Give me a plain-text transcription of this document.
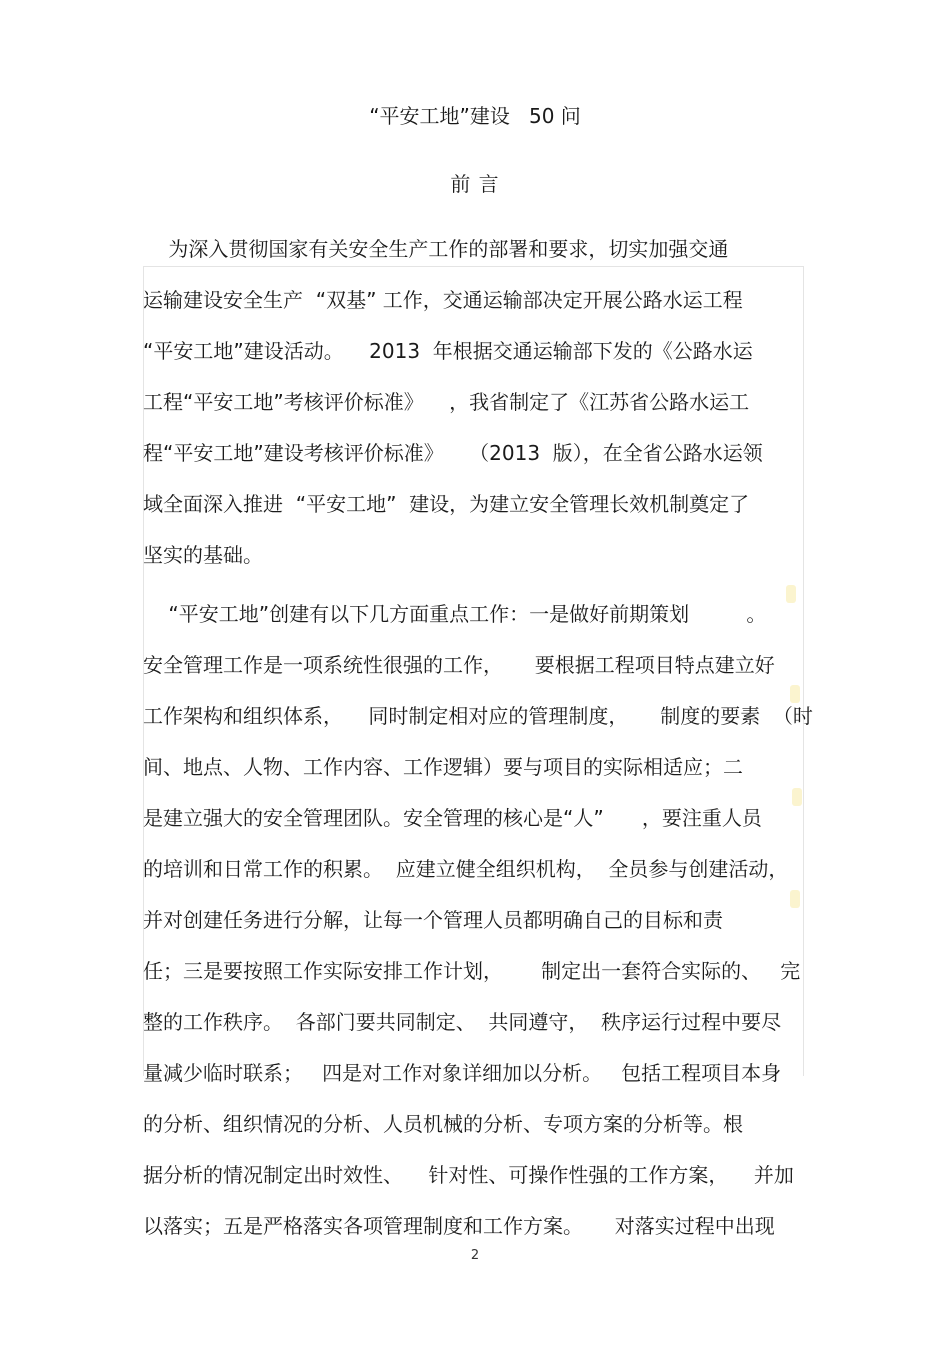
“平安工地”建设   50 问
前 言
为深入贯彻国家有关安全生产工作的部署和要求，切实加强交通
运输建设安全生产  “双基” 工作，交通运输部决定开展公路水运工程
“平安工地”建设活动。    2013  年根据交通运输部下发的《公路水运
工程“平安工地”考核评价标准》    ，我省制定了《江苏省公路水运工
程“平安工地”建设考核评价标准》    （2013  版），在全省公路水运领
域全面深入推进  “平安工地”  建设，为建立安全管理长效机制奠定了
坚实的基础。
“平安工地”创建有以下几方面重点工作：一是做好前期策划         。
安全管理工作是一项系统性很强的工作，     要根据工程项目特点建立好
工作架构和组织体系，    同时制定相对应的管理制度，     制度的要素  （时
间、地点、人物、工作内容、工作逻辑）要与项目的实际相适应；二
是建立强大的安全管理团队。安全管理的核心是“人”      ，要注重人员
的培训和日常工作的积累。  应建立健全组织机构，  全员参与创建活动，
并对创建任务进行分解，让每一个管理人员都明确自己的目标和责
任；三是要按照工作实际安排工作计划，      制定出一套符合实际的、   完
整的工作秩序。  各部门要共同制定、  共同遵守，  秩序运行过程中要尽
量减少临时联系；   四是对工作对象详细加以分析。   包括工程项目本身
的分析、组织情况的分析、人员机械的分析、专项方案的分析等。根
据分析的情况制定出时效性、    针对性、可操作性强的工作方案，    并加
以落实；五是严格落实各项管理制度和工作方案。     对落实过程中出现
2
